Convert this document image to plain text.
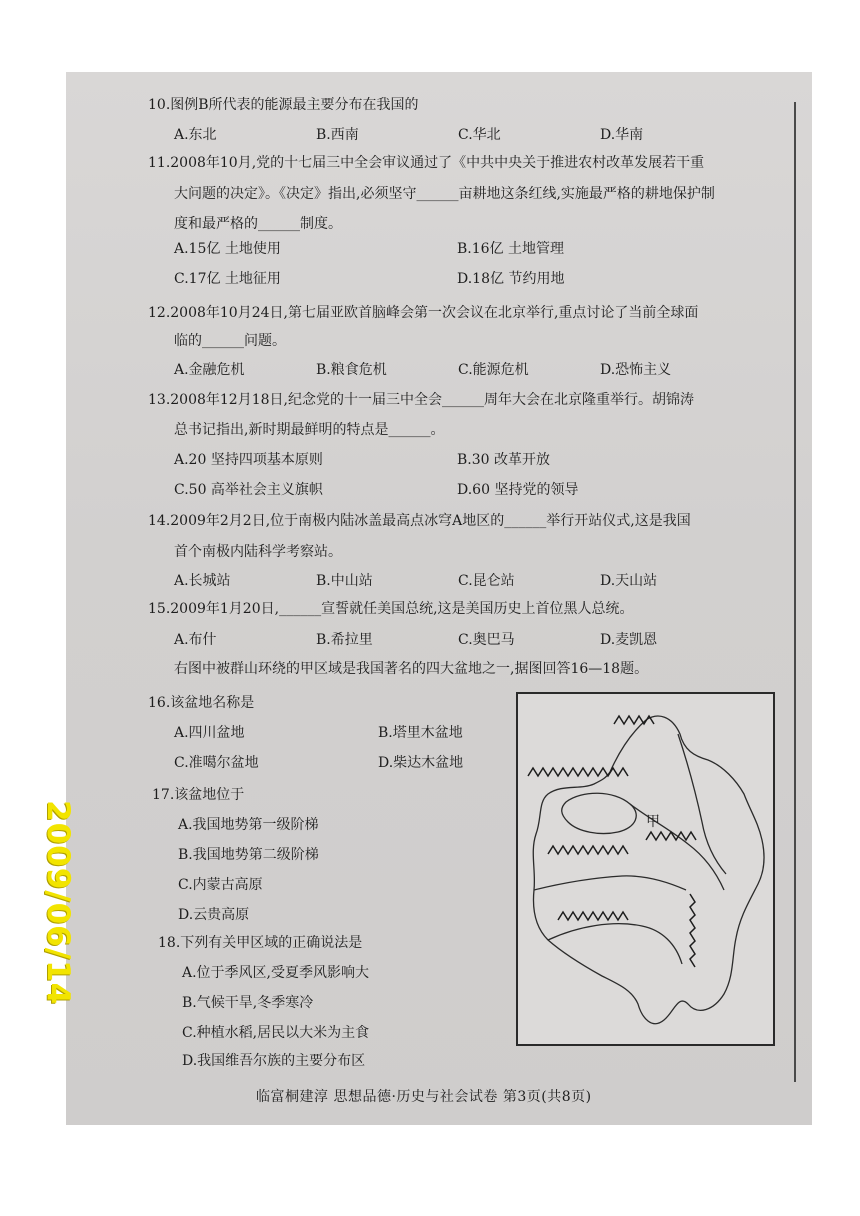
10.图例B所代表的能源最主要分布在我国的
A.东北	B.西南	C.华北	D.华南
11.2008年10月,党的十七届三中全会审议通过了《中共中央关于推进农村改革发展若干重
大问题的决定》。《决定》指出,必须坚守______亩耕地这条红线,实施最严格的耕地保护制
度和最严格的______制度。
A.15亿 土地使用	B.16亿 土地管理
C.17亿 土地征用	D.18亿 节约用地
12.2008年10月24日,第七届亚欧首脑峰会第一次会议在北京举行,重点讨论了当前全球面
临的______问题。
A.金融危机	B.粮食危机	C.能源危机	D.恐怖主义
13.2008年12月18日,纪念党的十一届三中全会______周年大会在北京隆重举行。胡锦涛
总书记指出,新时期最鲜明的特点是______。
A.20 坚持四项基本原则	B.30 改革开放
C.50 高举社会主义旗帜	D.60 坚持党的领导
14.2009年2月2日,位于南极内陆冰盖最高点冰穹A地区的______举行开站仪式,这是我国
首个南极内陆科学考察站。
A.长城站	B.中山站	C.昆仑站	D.天山站
15.2009年1月20日,______宣誓就任美国总统,这是美国历史上首位黑人总统。
A.布什	B.希拉里	C.奥巴马	D.麦凯恩
右图中被群山环绕的甲区域是我国著名的四大盆地之一,据图回答16—18题。
16.该盆地名称是
A.四川盆地	B.塔里木盆地
C.准噶尔盆地	D.柴达木盆地
17.该盆地位于
A.我国地势第一级阶梯
B.我国地势第二级阶梯
C.内蒙古高原
D.云贵高原
18.下列有关甲区域的正确说法是
A.位于季风区,受夏季风影响大
B.气候干旱,冬季寒冷
C.种植水稻,居民以大米为主食
D.我国维吾尔族的主要分布区
甲
临富桐建淳 思想品德·历史与社会试卷 第3页(共8页)
2009/06/14
